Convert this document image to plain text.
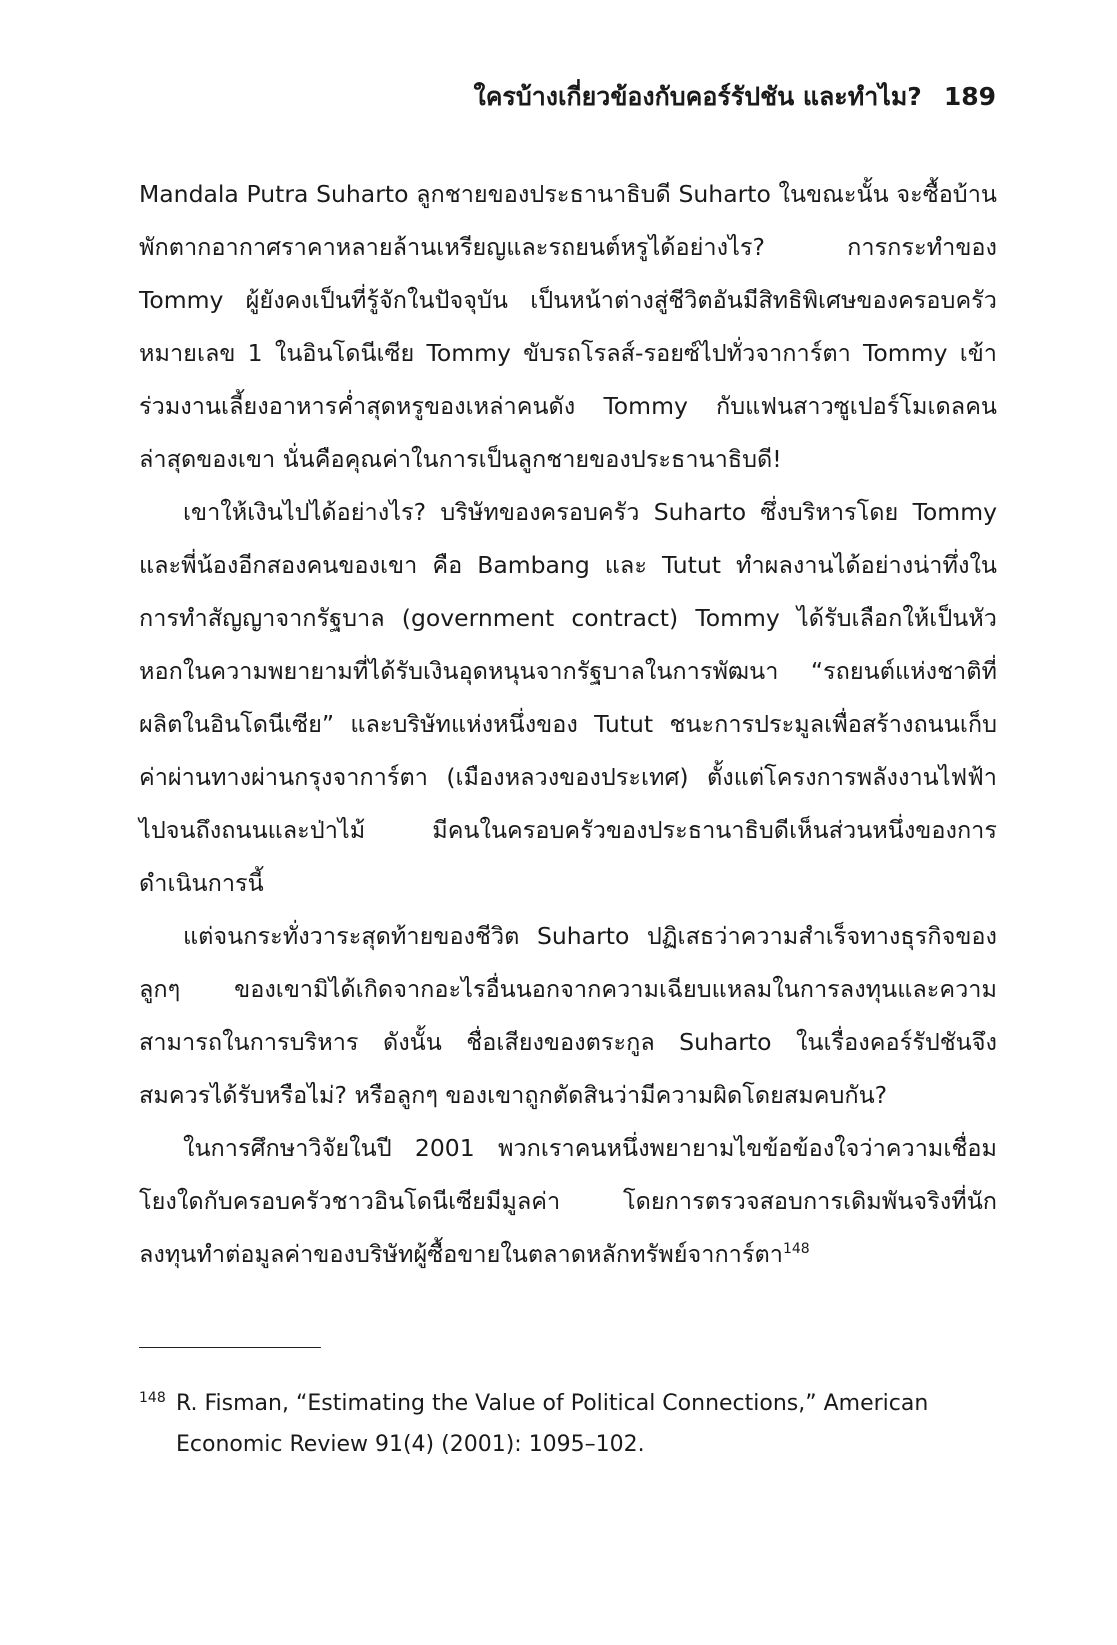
ใครบ้างเกี่ยวข้องกับคอร์รัปชัน และทำไม? 189

Mandala Putra Suharto ลูกชายของประธานาธิบดี Suharto ในขณะนั้น จะซื้อบ้านพักตากอากาศราคาหลายล้านเหรียญและรถยนต์หรูได้อย่างไร? การกระทำของ Tommy ผู้ยังคงเป็นที่รู้จักในปัจจุบัน เป็นหน้าต่างสู่ชีวิตอันมีสิทธิพิเศษของครอบครัวหมายเลข 1 ในอินโดนีเซีย Tommy ขับรถโรลส์-รอยซ์ไปทั่วจาการ์ตา Tommy เข้าร่วมงานเลี้ยงอาหารค่ำสุดหรูของเหล่าคนดัง Tommy กับแฟนสาวซูเปอร์โมเดลคนล่าสุดของเขา นั่นคือคุณค่าในการเป็นลูกชายของประธานาธิบดี!

เขาให้เงินไปได้อย่างไร? บริษัทของครอบครัว Suharto ซึ่งบริหารโดย Tommy และพี่น้องอีกสองคนของเขา คือ Bambang และ Tutut ทำผลงานได้อย่างน่าทึ่งในการทำสัญญาจากรัฐบาล (government contract) Tommy ได้รับเลือกให้เป็นหัวหอกในความพยายามที่ได้รับเงินอุดหนุนจากรัฐบาลในการพัฒนา “รถยนต์แห่งชาติที่ผลิตในอินโดนีเซีย” และบริษัทแห่งหนึ่งของ Tutut ชนะการประมูลเพื่อสร้างถนนเก็บค่าผ่านทางผ่านกรุงจาการ์ตา (เมืองหลวงของประเทศ) ตั้งแต่โครงการพลังงานไฟฟ้าไปจนถึงถนนและป่าไม้ มีคนในครอบครัวของประธานาธิบดีเห็นส่วนหนึ่งของการดำเนินการนี้

แต่จนกระทั่งวาระสุดท้ายของชีวิต Suharto ปฏิเสธว่าความสำเร็จทางธุรกิจของลูกๆ ของเขามิได้เกิดจากอะไรอื่นนอกจากความเฉียบแหลมในการลงทุนและความสามารถในการบริหาร ดังนั้น ชื่อเสียงของตระกูล Suharto ในเรื่องคอร์รัปชันจึงสมควรได้รับหรือไม่? หรือลูกๆ ของเขาถูกตัดสินว่ามีความผิดโดยสมคบกัน?

ในการศึกษาวิจัยในปี 2001 พวกเราคนหนึ่งพยายามไขข้อข้องใจว่าความเชื่อมโยงใดกับครอบครัวชาวอินโดนีเซียมีมูลค่า โดยการตรวจสอบการเดิมพันจริงที่นักลงทุนทำต่อมูลค่าของบริษัทผู้ซื้อขายในตลาดหลักทรัพย์จาการ์ตา$^{148}$

148 R. Fisman, “Estimating the Value of Political Connections,” American Economic Review 91(4) (2001): 1095–102.
